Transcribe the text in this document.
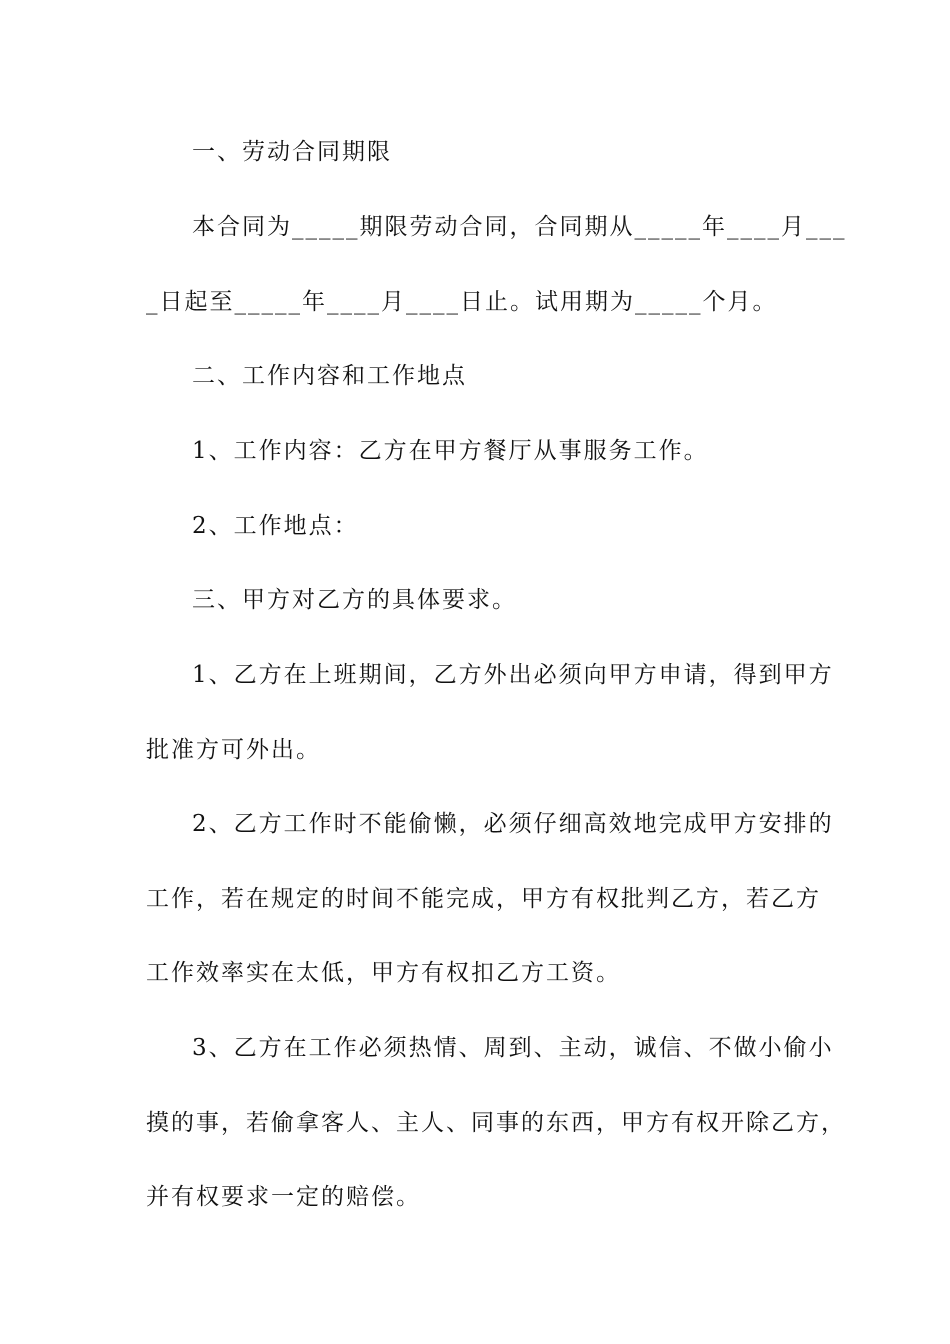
一、劳动合同期限
本合同为_____期限劳动合同，合同期从_____年____月___
_日起至_____年____月____日止。试用期为_____个月。
二、工作内容和工作地点
1、工作内容：乙方在甲方餐厅从事服务工作。
2、工作地点：
三、甲方对乙方的具体要求。
1、乙方在上班期间，乙方外出必须向甲方申请，得到甲方
批准方可外出。
2、乙方工作时不能偷懒，必须仔细高效地完成甲方安排的
工作，若在规定的时间不能完成，甲方有权批判乙方，若乙方
工作效率实在太低，甲方有权扣乙方工资。
3、乙方在工作必须热情、周到、主动，诚信、不做小偷小
摸的事，若偷拿客人、主人、同事的东西，甲方有权开除乙方，
并有权要求一定的赔偿。
